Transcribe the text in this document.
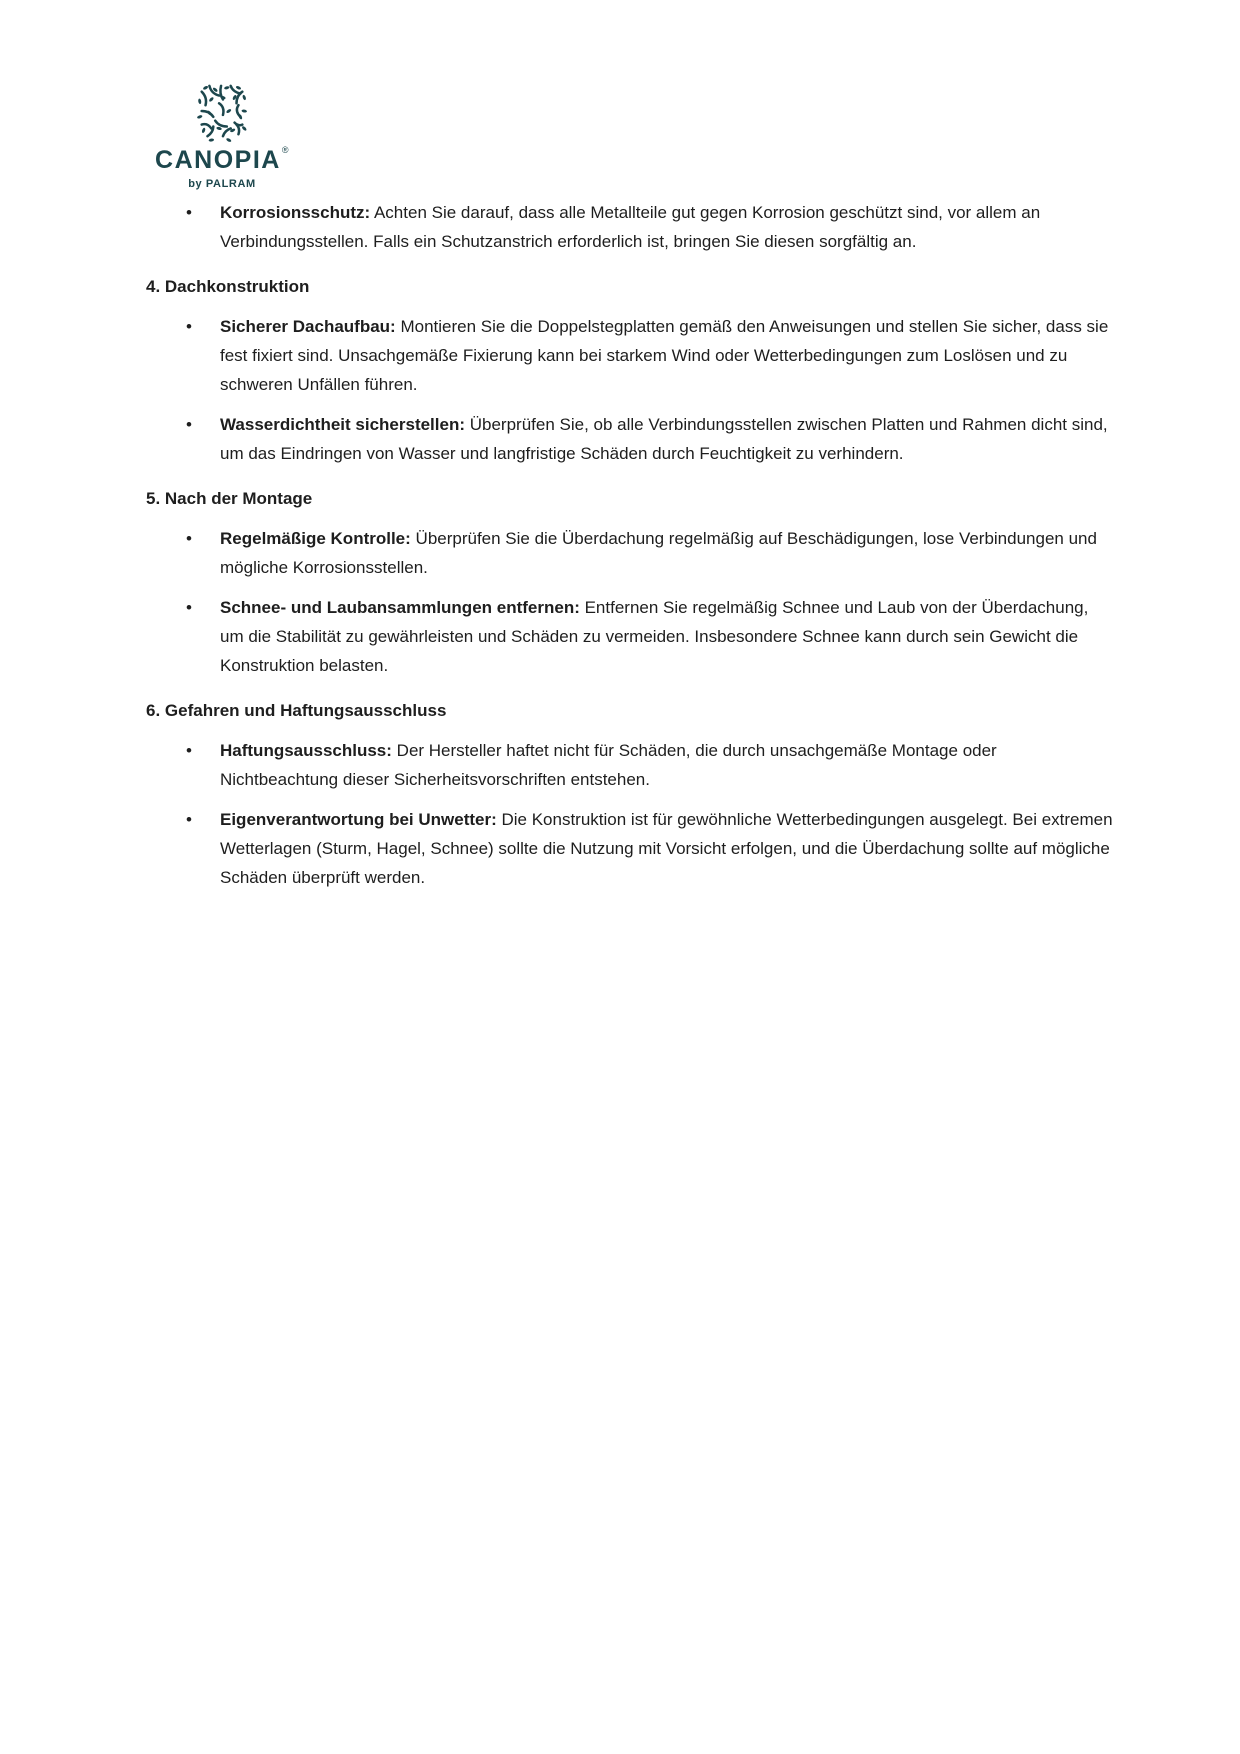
CANOPIA®
by PALRAM
•	Korrosionsschutz: Achten Sie darauf, dass alle Metallteile gut gegen Korrosion geschützt sind, vor allem an Verbindungsstellen. Falls ein Schutzanstrich erforderlich ist, bringen Sie diesen sorgfältig an.
4. Dachkonstruktion
•	Sicherer Dachaufbau: Montieren Sie die Doppelstegplatten gemäß den Anweisungen und stellen Sie sicher, dass sie fest fixiert sind. Unsachgemäße Fixierung kann bei starkem Wind oder Wetterbedingungen zum Loslösen und zu schweren Unfällen führen.
•	Wasserdichtheit sicherstellen: Überprüfen Sie, ob alle Verbindungsstellen zwischen Platten und Rahmen dicht sind, um das Eindringen von Wasser und langfristige Schäden durch Feuchtigkeit zu verhindern.
5. Nach der Montage
•	Regelmäßige Kontrolle: Überprüfen Sie die Überdachung regelmäßig auf Beschädigungen, lose Verbindungen und mögliche Korrosionsstellen.
•	Schnee- und Laubansammlungen entfernen: Entfernen Sie regelmäßig Schnee und Laub von der Überdachung, um die Stabilität zu gewährleisten und Schäden zu vermeiden. Insbesondere Schnee kann durch sein Gewicht die Konstruktion belasten.
6. Gefahren und Haftungsausschluss
•	Haftungsausschluss: Der Hersteller haftet nicht für Schäden, die durch unsachgemäße Montage oder Nichtbeachtung dieser Sicherheitsvorschriften entstehen.
•	Eigenverantwortung bei Unwetter: Die Konstruktion ist für gewöhnliche Wetterbedingungen ausgelegt. Bei extremen Wetterlagen (Sturm, Hagel, Schnee) sollte die Nutzung mit Vorsicht erfolgen, und die Überdachung sollte auf mögliche Schäden überprüft werden.
